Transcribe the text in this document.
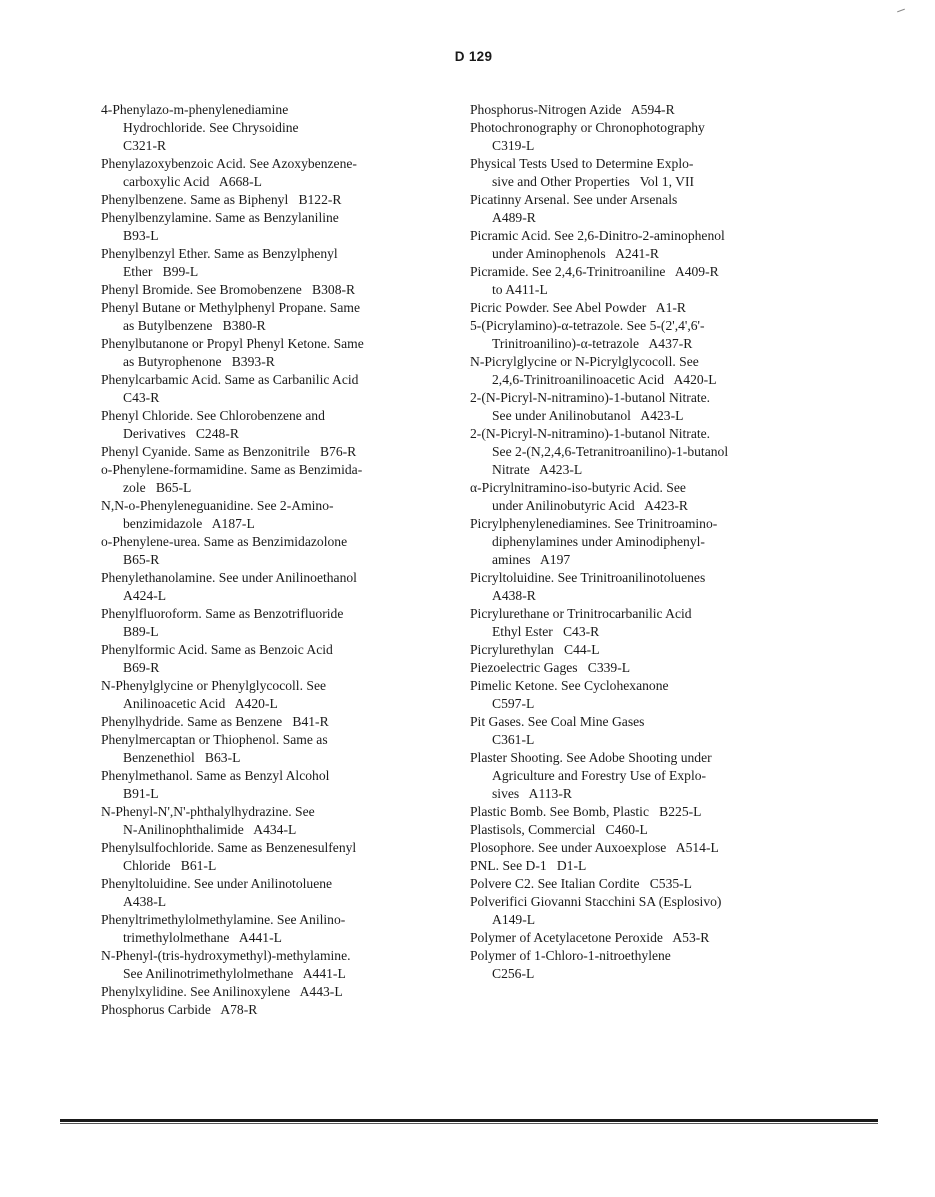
D 129
4-Phenylazo-m-phenylenediamine
Hydrochloride. See Chrysoidine
C321-R
Phenylazoxybenzoic Acid. See Azoxybenzene-
carboxylic Acid   A668-L
Phenylbenzene. Same as Biphenyl   B122-R
Phenylbenzylamine. Same as Benzylaniline
B93-L
Phenylbenzyl Ether. Same as Benzylphenyl
Ether   B99-L
Phenyl Bromide. See Bromobenzene   B308-R
Phenyl Butane or Methylphenyl Propane. Same
as Butylbenzene   B380-R
Phenylbutanone or Propyl Phenyl Ketone. Same
as Butyrophenone   B393-R
Phenylcarbamic Acid. Same as Carbanilic Acid
C43-R
Phenyl Chloride. See Chlorobenzene and
Derivatives   C248-R
Phenyl Cyanide. Same as Benzonitrile   B76-R
o-Phenylene-formamidine. Same as Benzimida-
zole   B65-L
N,N-o-Phenyleneguanidine. See 2-Amino-
benzimidazole   A187-L
o-Phenylene-urea. Same as Benzimidazolone
B65-R
Phenylethanolamine. See under Anilinoethanol
A424-L
Phenylfluoroform. Same as Benzotrifluoride
B89-L
Phenylformic Acid. Same as Benzoic Acid
B69-R
N-Phenylglycine or Phenylglycocoll. See
Anilinoacetic Acid   A420-L
Phenylhydride. Same as Benzene   B41-R
Phenylmercaptan or Thiophenol. Same as
Benzenethiol   B63-L
Phenylmethanol. Same as Benzyl Alcohol
B91-L
N-Phenyl-N',N'-phthalylhydrazine. See
N-Anilinophthalimide   A434-L
Phenylsulfochloride. Same as Benzenesulfenyl
Chloride   B61-L
Phenyltoluidine. See under Anilinotoluene
A438-L
Phenyltrimethylolmethylamine. See Anilino-
trimethylolmethane   A441-L
N-Phenyl-(tris-hydroxymethyl)-methylamine.
See Anilinotrimethylolmethane   A441-L
Phenylxylidine. See Anilinoxylene   A443-L
Phosphorus Carbide   A78-R
Phosphorus-Nitrogen Azide   A594-R
Photochronography or Chronophotography
C319-L
Physical Tests Used to Determine Explo-
sive and Other Properties   Vol 1, VII
Picatinny Arsenal. See under Arsenals
A489-R
Picramic Acid. See 2,6-Dinitro-2-aminophenol
under Aminophenols   A241-R
Picramide. See 2,4,6-Trinitroaniline   A409-R
to A411-L
Picric Powder. See Abel Powder   A1-R
5-(Picrylamino)-α-tetrazole. See 5-(2',4',6'-
Trinitroanilino)-α-tetrazole   A437-R
N-Picrylglycine or N-Picrylglycocoll. See
2,4,6-Trinitroanilinoacetic Acid   A420-L
2-(N-Picryl-N-nitramino)-1-butanol Nitrate.
See under Anilinobutanol   A423-L
2-(N-Picryl-N-nitramino)-1-butanol Nitrate.
See 2-(N,2,4,6-Tetranitroanilino)-1-butanol
Nitrate   A423-L
α-Picrylnitramino-iso-butyric Acid. See
under Anilinobutyric Acid   A423-R
Picrylphenylenediamines. See Trinitroamino-
diphenylamines under Aminodiphenyl-
amines   A197
Picryltoluidine. See Trinitroanilinotoluenes
A438-R
Picrylurethane or Trinitrocarbanilic Acid
Ethyl Ester   C43-R
Picrylurethylan   C44-L
Piezoelectric Gages   C339-L
Pimelic Ketone. See Cyclohexanone
C597-L
Pit Gases. See Coal Mine Gases
C361-L
Plaster Shooting. See Adobe Shooting under
Agriculture and Forestry Use of Explo-
sives   A113-R
Plastic Bomb. See Bomb, Plastic   B225-L
Plastisols, Commercial   C460-L
Plosophore. See under Auxoexplose   A514-L
PNL. See D-1   D1-L
Polvere C2. See Italian Cordite   C535-L
Polverifici Giovanni Stacchini SA (Esplosivo)
A149-L
Polymer of Acetylacetone Peroxide   A53-R
Polymer of 1-Chloro-1-nitroethylene
C256-L
